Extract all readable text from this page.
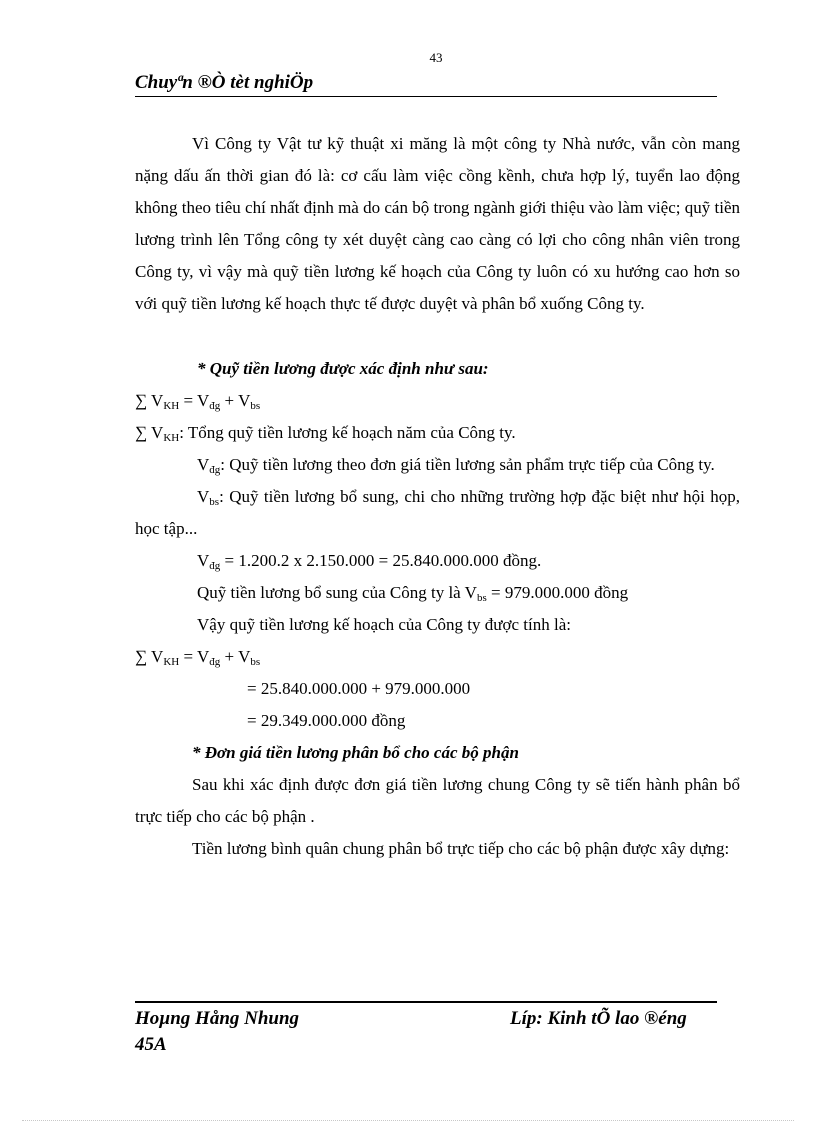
43
Chuyªn ®Ò tèt nghiÖp

Vì Công ty Vật tư kỹ thuật xi măng là một công ty Nhà nước, vẫn còn mang nặng dấu ấn thời gian đó là: cơ cấu làm việc cồng kềnh, chưa hợp lý, tuyển lao động không theo tiêu chí nhất định mà do cán bộ trong ngành giới thiệu vào làm việc; quỹ tiền lương trình lên Tổng công ty xét duyệt càng cao càng có lợi cho công nhân viên trong Công ty, vì vậy mà quỹ tiền lương kế hoạch của Công ty luôn có xu hướng cao hơn so với quỹ tiền lương kế hoạch thực tế được duyệt và phân bổ xuống Công ty.

* Quỹ tiền lương được xác định như sau:
∑ $V_{KH} = V_{đg} + V_{bs}$
∑ $V_{KH}$: Tổng quỹ tiền lương kế hoạch năm của Công ty.

$V_{đg}$: Quỹ tiền lương theo đơn giá tiền lương sản phẩm trực tiếp của Công ty.

$V_{bs}$: Quỹ tiền lương bổ sung, chi cho những trường hợp đặc biệt như hội họp, học tập...

$V_{đg} = 1.200.2$ x 2.150.000 = 25.840.000.000 đồng.
Quỹ tiền lương bổ sung của Công ty là $V_{bs} = 979.000.000$ đồng
Vậy quỹ tiền lương kế hoạch của Công ty được tính là:
∑ $V_{KH} = V_{đg} + V_{bs}$
= 25.840.000.000 + 979.000.000
= 29.349.000.000 đồng
* Đơn giá tiền lương phân bổ cho các bộ phận

Sau khi xác định được đơn giá tiền lương chung Công ty sẽ tiến hành phân bổ trực tiếp cho các bộ phận .

Tiền lương bình quân chung phân bổ trực tiếp cho các bộ phận được xây dựng:

Hoµng Hång Nhung	Líp: Kinh tÕ lao ®éng
45A
